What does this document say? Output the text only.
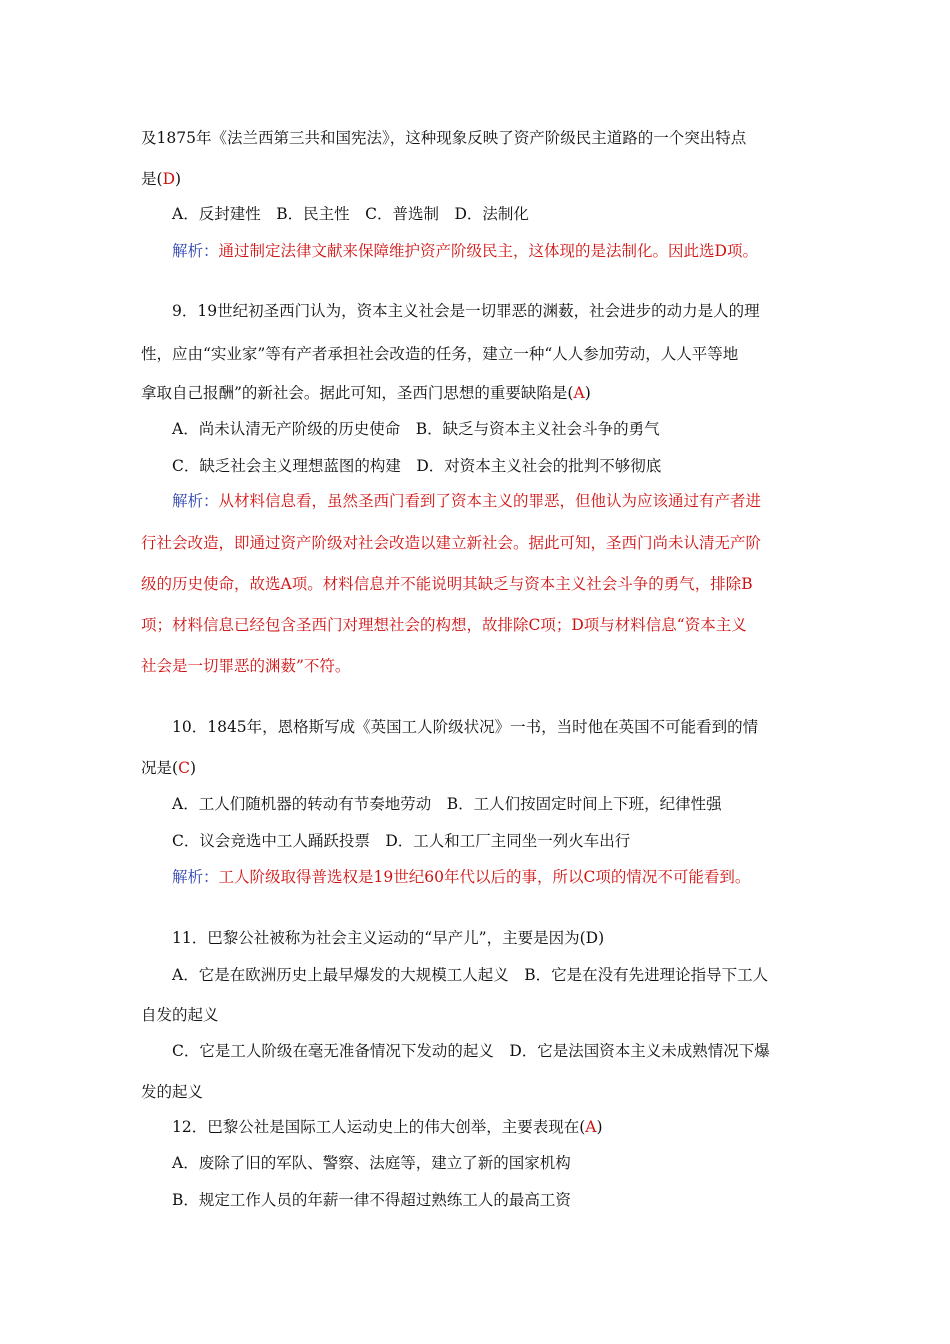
及1875年《法兰西第三共和国宪法》，这种现象反映了资产阶级民主道路的一个突出特点
是(D)
A．反封建性　B．民主性　C．普选制　D．法制化
解析：通过制定法律文献来保障维护资产阶级民主，这体现的是法制化。因此选D项。
9．19世纪初圣西门认为，资本主义社会是一切罪恶的渊薮，社会进步的动力是人的理
性，应由“实业家”等有产者承担社会改造的任务，建立一种“人人参加劳动，人人平等地
拿取自己报酬”的新社会。据此可知，圣西门思想的重要缺陷是(A)
A．尚未认清无产阶级的历史使命　B．缺乏与资本主义社会斗争的勇气
C．缺乏社会主义理想蓝图的构建　D．对资本主义社会的批判不够彻底
解析：从材料信息看，虽然圣西门看到了资本主义的罪恶，但他认为应该通过有产者进
行社会改造，即通过资产阶级对社会改造以建立新社会。据此可知，圣西门尚未认清无产阶
级的历史使命，故选A项。材料信息并不能说明其缺乏与资本主义社会斗争的勇气，排除B
项；材料信息已经包含圣西门对理想社会的构想，故排除C项；D项与材料信息“资本主义
社会是一切罪恶的渊薮”不符。
10．1845年，恩格斯写成《英国工人阶级状况》一书，当时他在英国不可能看到的情
况是(C)
A．工人们随机器的转动有节奏地劳动　B．工人们按固定时间上下班，纪律性强
C．议会竞选中工人踊跃投票　D．工人和工厂主同坐一列火车出行
解析：工人阶级取得普选权是19世纪60年代以后的事，所以C项的情况不可能看到。
11．巴黎公社被称为社会主义运动的“早产儿”，主要是因为(D)
A．它是在欧洲历史上最早爆发的大规模工人起义　B．它是在没有先进理论指导下工人
自发的起义
C．它是工人阶级在毫无准备情况下发动的起义　D．它是法国资本主义未成熟情况下爆
发的起义
12．巴黎公社是国际工人运动史上的伟大创举，主要表现在(A)
A．废除了旧的军队、警察、法庭等，建立了新的国家机构
B．规定工作人员的年薪一律不得超过熟练工人的最高工资
